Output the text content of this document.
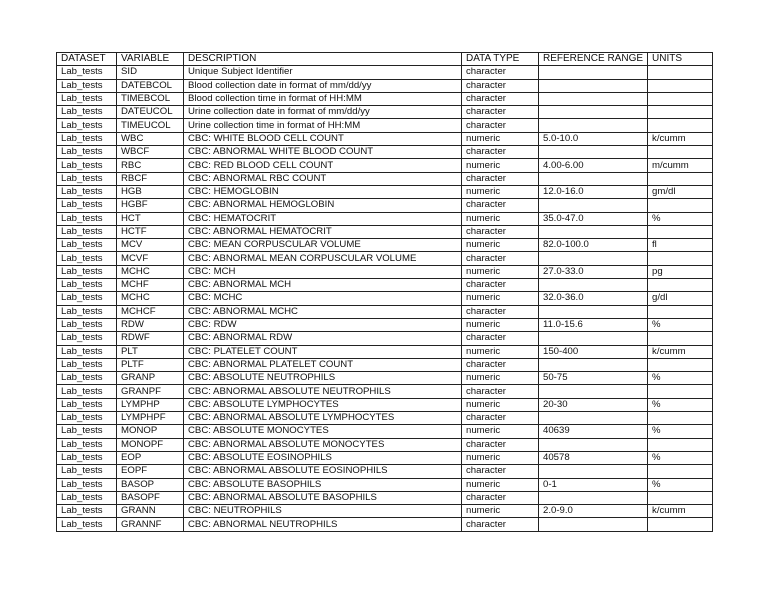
DATASET	VARIABLE	DESCRIPTION	DATA TYPE	REFERENCE RANGE	UNITS
Lab_tests	SID	Unique Subject Identifier	character		
Lab_tests	DATEBCOL	Blood collection date in format of mm/dd/yy	character		
Lab_tests	TIMEBCOL	Blood collection time in format of HH:MM	character		
Lab_tests	DATEUCOL	Urine collection date in format of mm/dd/yy	character		
Lab_tests	TIMEUCOL	Urine collection time in format of HH:MM	character		
Lab_tests	WBC	CBC: WHITE BLOOD CELL COUNT	numeric	5.0-10.0	k/cumm
Lab_tests	WBCF	CBC: ABNORMAL WHITE BLOOD COUNT	character		
Lab_tests	RBC	CBC: RED BLOOD CELL COUNT	numeric	4.00-6.00	m/cumm
Lab_tests	RBCF	CBC: ABNORMAL RBC COUNT	character		
Lab_tests	HGB	CBC: HEMOGLOBIN	numeric	12.0-16.0	gm/dl
Lab_tests	HGBF	CBC: ABNORMAL HEMOGLOBIN	character		
Lab_tests	HCT	CBC: HEMATOCRIT	numeric	35.0-47.0	%
Lab_tests	HCTF	CBC: ABNORMAL HEMATOCRIT	character		
Lab_tests	MCV	CBC: MEAN CORPUSCULAR VOLUME	numeric	82.0-100.0	fl
Lab_tests	MCVF	CBC: ABNORMAL MEAN CORPUSCULAR VOLUME	character		
Lab_tests	MCHC	CBC: MCH	numeric	27.0-33.0	pg
Lab_tests	MCHF	CBC: ABNORMAL MCH	character		
Lab_tests	MCHC	CBC: MCHC	numeric	32.0-36.0	g/dl
Lab_tests	MCHCF	CBC: ABNORMAL MCHC	character		
Lab_tests	RDW	CBC: RDW	numeric	11.0-15.6	%
Lab_tests	RDWF	CBC: ABNORMAL RDW	character		
Lab_tests	PLT	CBC: PLATELET COUNT	numeric	150-400	k/cumm
Lab_tests	PLTF	CBC: ABNORMAL PLATELET COUNT	character		
Lab_tests	GRANP	CBC: ABSOLUTE NEUTROPHILS	numeric	50-75	%
Lab_tests	GRANPF	CBC: ABNORMAL ABSOLUTE NEUTROPHILS	character		
Lab_tests	LYMPHP	CBC: ABSOLUTE LYMPHOCYTES	numeric	20-30	%
Lab_tests	LYMPHPF	CBC: ABNORMAL ABSOLUTE LYMPHOCYTES	character		
Lab_tests	MONOP	CBC: ABSOLUTE MONOCYTES	numeric	40639	%
Lab_tests	MONOPF	CBC: ABNORMAL ABSOLUTE MONOCYTES	character		
Lab_tests	EOP	CBC: ABSOLUTE EOSINOPHILS	numeric	40578	%
Lab_tests	EOPF	CBC: ABNORMAL ABSOLUTE EOSINOPHILS	character		
Lab_tests	BASOP	CBC: ABSOLUTE BASOPHILS	numeric	0-1	%
Lab_tests	BASOPF	CBC: ABNORMAL ABSOLUTE BASOPHILS	character		
Lab_tests	GRANN	CBC: NEUTROPHILS	numeric	2.0-9.0	k/cumm
Lab_tests	GRANNF	CBC: ABNORMAL NEUTROPHILS	character		
